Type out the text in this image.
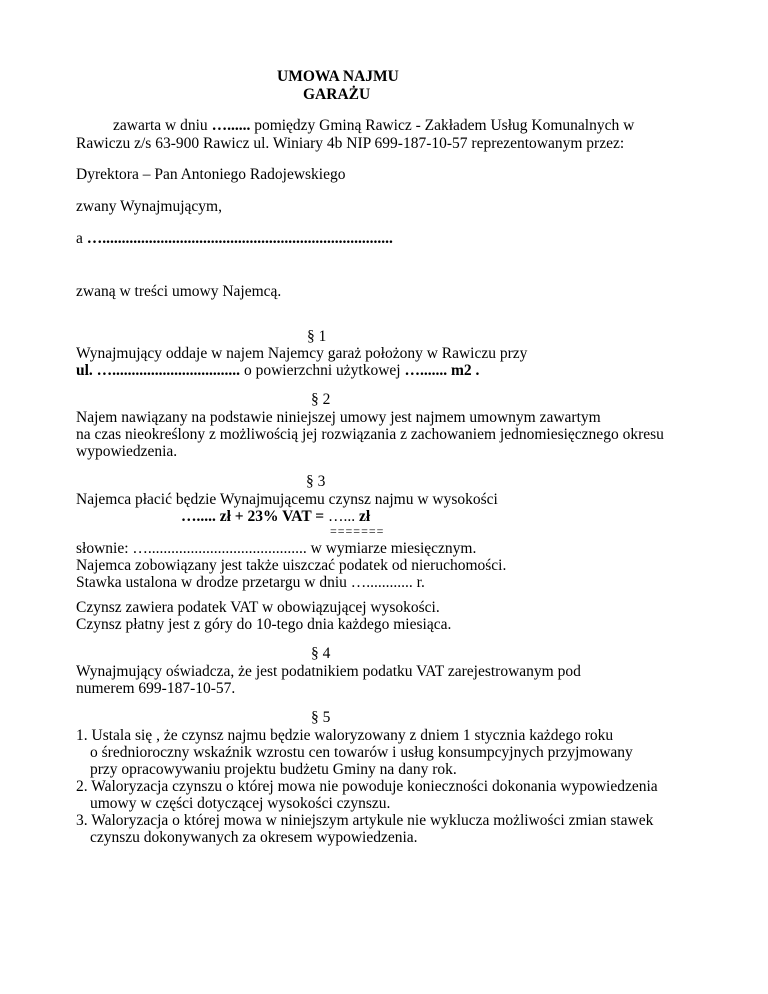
UMOWA NAJMU
GARAŻU
zawarta w dniu …...... pomiędzy Gminą Rawicz - Zakładem Usług Komunalnych w
Rawiczu z/s 63-900 Rawicz ul. Winiary 4b NIP 699-187-10-57 reprezentowanym przez:
Dyrektora – Pan Antoniego Radojewskiego
zwany Wynajmującym,
a …...........................................................................
zwaną w treści umowy Najemcą.
§ 1
Wynajmujący oddaje w najem Najemcy garaż położony w Rawiczu przy
ul. …................................. o powierzchni użytkowej …....... m2 .
§ 2
Najem nawiązany na podstawie niniejszej umowy jest najmem umownym zawartym
na czas nieokreślony z możliwością jej rozwiązania z zachowaniem jednomiesięcznego okresu
wypowiedzenia.
§ 3
Najemca płacić będzie Wynajmującemu czynsz najmu w wysokości
…..... zł + 23% VAT = …... zł
=======
słownie: …......................................... w wymiarze miesięcznym.
Najemca zobowiązany jest także uiszczać podatek od nieruchomości.
Stawka ustalona w drodze przetargu w dniu …............ r.
Czynsz zawiera podatek VAT w obowiązującej wysokości.
Czynsz płatny jest z góry do 10-tego dnia każdego miesiąca.
§ 4
Wynajmujący oświadcza, że jest podatnikiem podatku VAT zarejestrowanym pod
numerem 699-187-10-57.
§ 5
1. Ustala się , że czynsz najmu będzie waloryzowany z dniem 1 stycznia każdego roku
o średnioroczny wskaźnik wzrostu cen towarów i usług konsumpcyjnych przyjmowany
przy opracowywaniu projektu budżetu Gminy na dany rok.
2. Waloryzacja czynszu o której mowa nie powoduje konieczności dokonania wypowiedzenia
umowy w części dotyczącej wysokości czynszu.
3. Waloryzacja o której mowa w niniejszym artykule nie wyklucza możliwości zmian stawek
czynszu dokonywanych za okresem wypowiedzenia.
